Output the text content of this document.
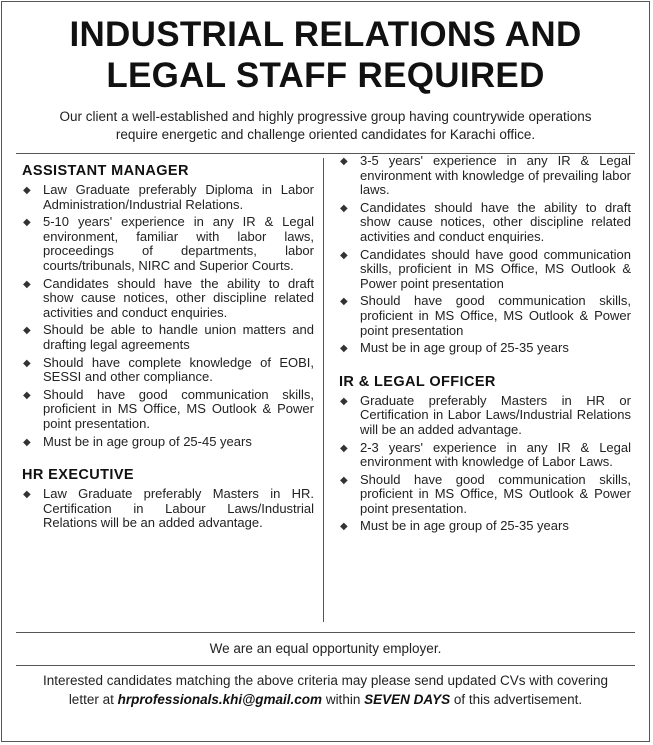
INDUSTRIAL RELATIONS AND
LEGAL STAFF REQUIRED
Our client a well-established and highly progressive group having countrywide operations
require energetic and challenge oriented candidates for Karachi office.
ASSISTANT MANAGER
◆ Law Graduate preferably Diploma in Labor Administration/Industrial Relations.
◆ 5-10 years' experience in any IR & Legal environment, familiar with labor laws, proceedings of departments, labor courts/tribunals, NIRC and Superior Courts.
◆ Candidates should have the ability to draft show cause notices, other discipline related activities and conduct enquiries.
◆ Should be able to handle union matters and drafting legal agreements
◆ Should have complete knowledge of EOBI, SESSI and other compliance.
◆ Should have good communication skills, proficient in MS Office, MS Outlook & Power point presentation.
◆ Must be in age group of 25-45 years
HR EXECUTIVE
◆ Law Graduate preferably Masters in HR. Certification in Labour Laws/Industrial Relations will be an added advantage.
◆ 3-5 years' experience in any IR & Legal environment with knowledge of prevailing labor laws.
◆ Candidates should have the ability to draft show cause notices, other discipline related activities and conduct enquiries.
◆ Candidates should have good communication skills, proficient in MS Office, MS Outlook & Power point presentation
◆ Should have good communication skills, proficient in MS Office, MS Outlook & Power point presentation
◆ Must be in age group of 25-35 years
IR & LEGAL OFFICER
◆ Graduate preferably Masters in HR or Certification in Labor Laws/Industrial Relations will be an added advantage.
◆ 2-3 years' experience in any IR & Legal environment with knowledge of Labor Laws.
◆ Should have good communication skills, proficient in MS Office, MS Outlook & Power point presentation.
◆ Must be in age group of 25-35 years
We are an equal opportunity employer.
Interested candidates matching the above criteria may please send updated CVs with covering
letter at hrprofessionals.khi@gmail.com within SEVEN DAYS of this advertisement.
